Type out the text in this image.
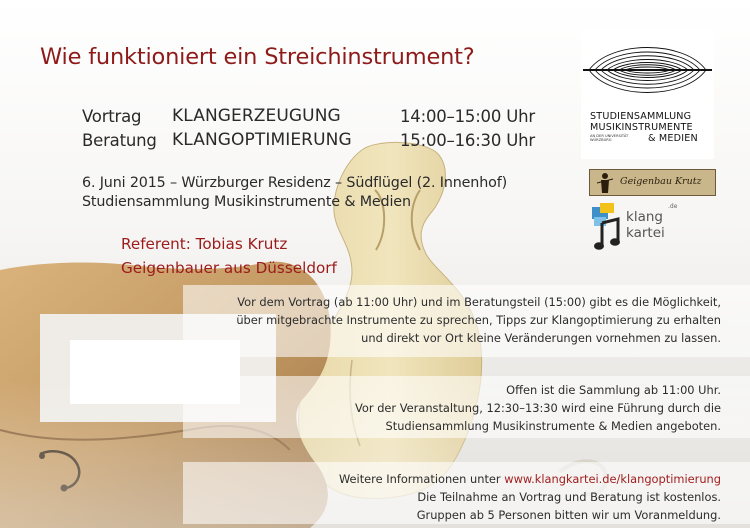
Vor dem Vortrag (ab 11:00 Uhr) und im Beratungsteil (15:00) gibt es die Möglichkeit,

über mitgebrachte Instrumente zu sprechen, Tipps zur Klangoptimierung zu erhalten

und direkt vor Ort kleine Veränderungen vornehmen zu lassen.

Offen ist die Sammlung ab 11:00 Uhr.

Vor der Veranstaltung, 12:30–13:30 wird eine Führung durch die

Studiensammlung Musikinstrumente & Medien angeboten.

Weitere Informationen unter www.klangkartei.de/klangoptimierung

Die Teilnahme an Vortrag und Beratung ist kostenlos.

Gruppen ab 5 Personen bitten wir um Voranmeldung.

Wie funktioniert ein Streichinstrument?
Vortrag KLANGERZEUGUNG	14:00–15:00 Uhr
Beratung KLANGOPTIMIERUNG	15:00–16:30 Uhr
6. Juni 2015 – Würzburger Residenz – Südflügel (2. Innenhof)
Studiensammlung Musikinstrumente & Medien
Referent: Tobias Krutz
Geigenbauer aus Düsseldorf
STUDIENSAMMLUNG
MUSIKINSTRUMENTE
AN DER UNIVERSITÄT
WÜRZBURG	& MEDIEN
Geigenbau Krutz
klang
.de
kartei
